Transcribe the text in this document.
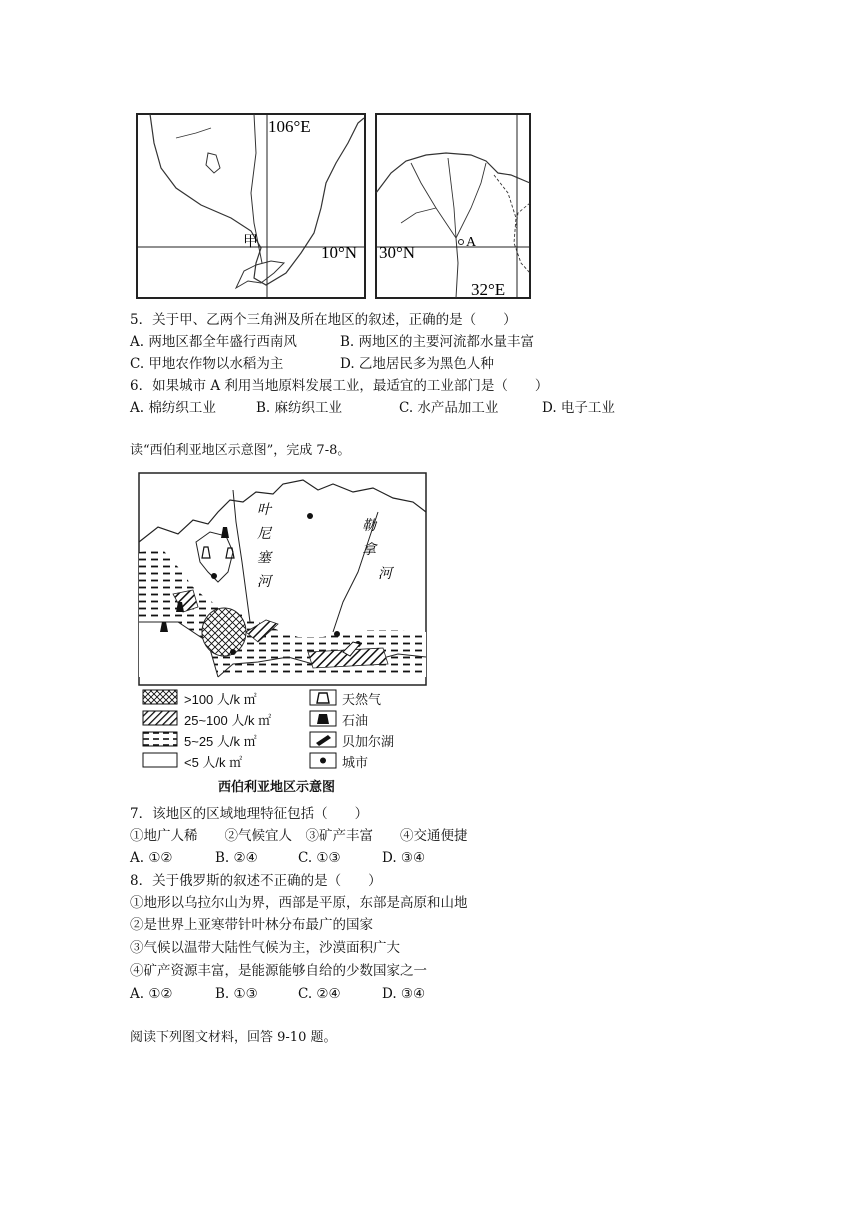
106°E
10°N
甲	A
30°N
32°E
5．关于甲、乙两个三角洲及所在地区的叙述，正确的是（　　）
A. 两地区都全年盛行西南风	B. 两地区的主要河流都水量丰富
C. 甲地农作物以水稻为主	D. 乙地居民多为黑色人种
6．如果城市 A 利用当地原料发展工业，最适宜的工业部门是（　　）
A. 棉纺织工业	B. 麻纺织工业	C. 水产品加工业	D. 电子工业
读“西伯利亚地区示意图”，完成 7-8。
叶
尼
塞
河
勒
拿
河
>100 人/k ㎡
25~100 人/k ㎡
5~25 人/k ㎡
<5 人/k ㎡
天然气
石油
贝加尔湖
城市
西伯利亚地区示意图
7．该地区的区域地理特征包括（　　）
①地广人稀　　②气候宜人　③矿产丰富　　④交通便捷
A. ①②	B. ②④	C. ①③	D. ③④
8．关于俄罗斯的叙述不正确的是（　　）
①地形以乌拉尔山为界，西部是平原，东部是高原和山地
②是世界上亚寒带针叶林分布最广的国家
③气候以温带大陆性气候为主，沙漠面积广大
④矿产资源丰富，是能源能够自给的少数国家之一
A. ①②	B. ①③	C. ②④	D. ③④
阅读下列图文材料，回答 9-10 题。
